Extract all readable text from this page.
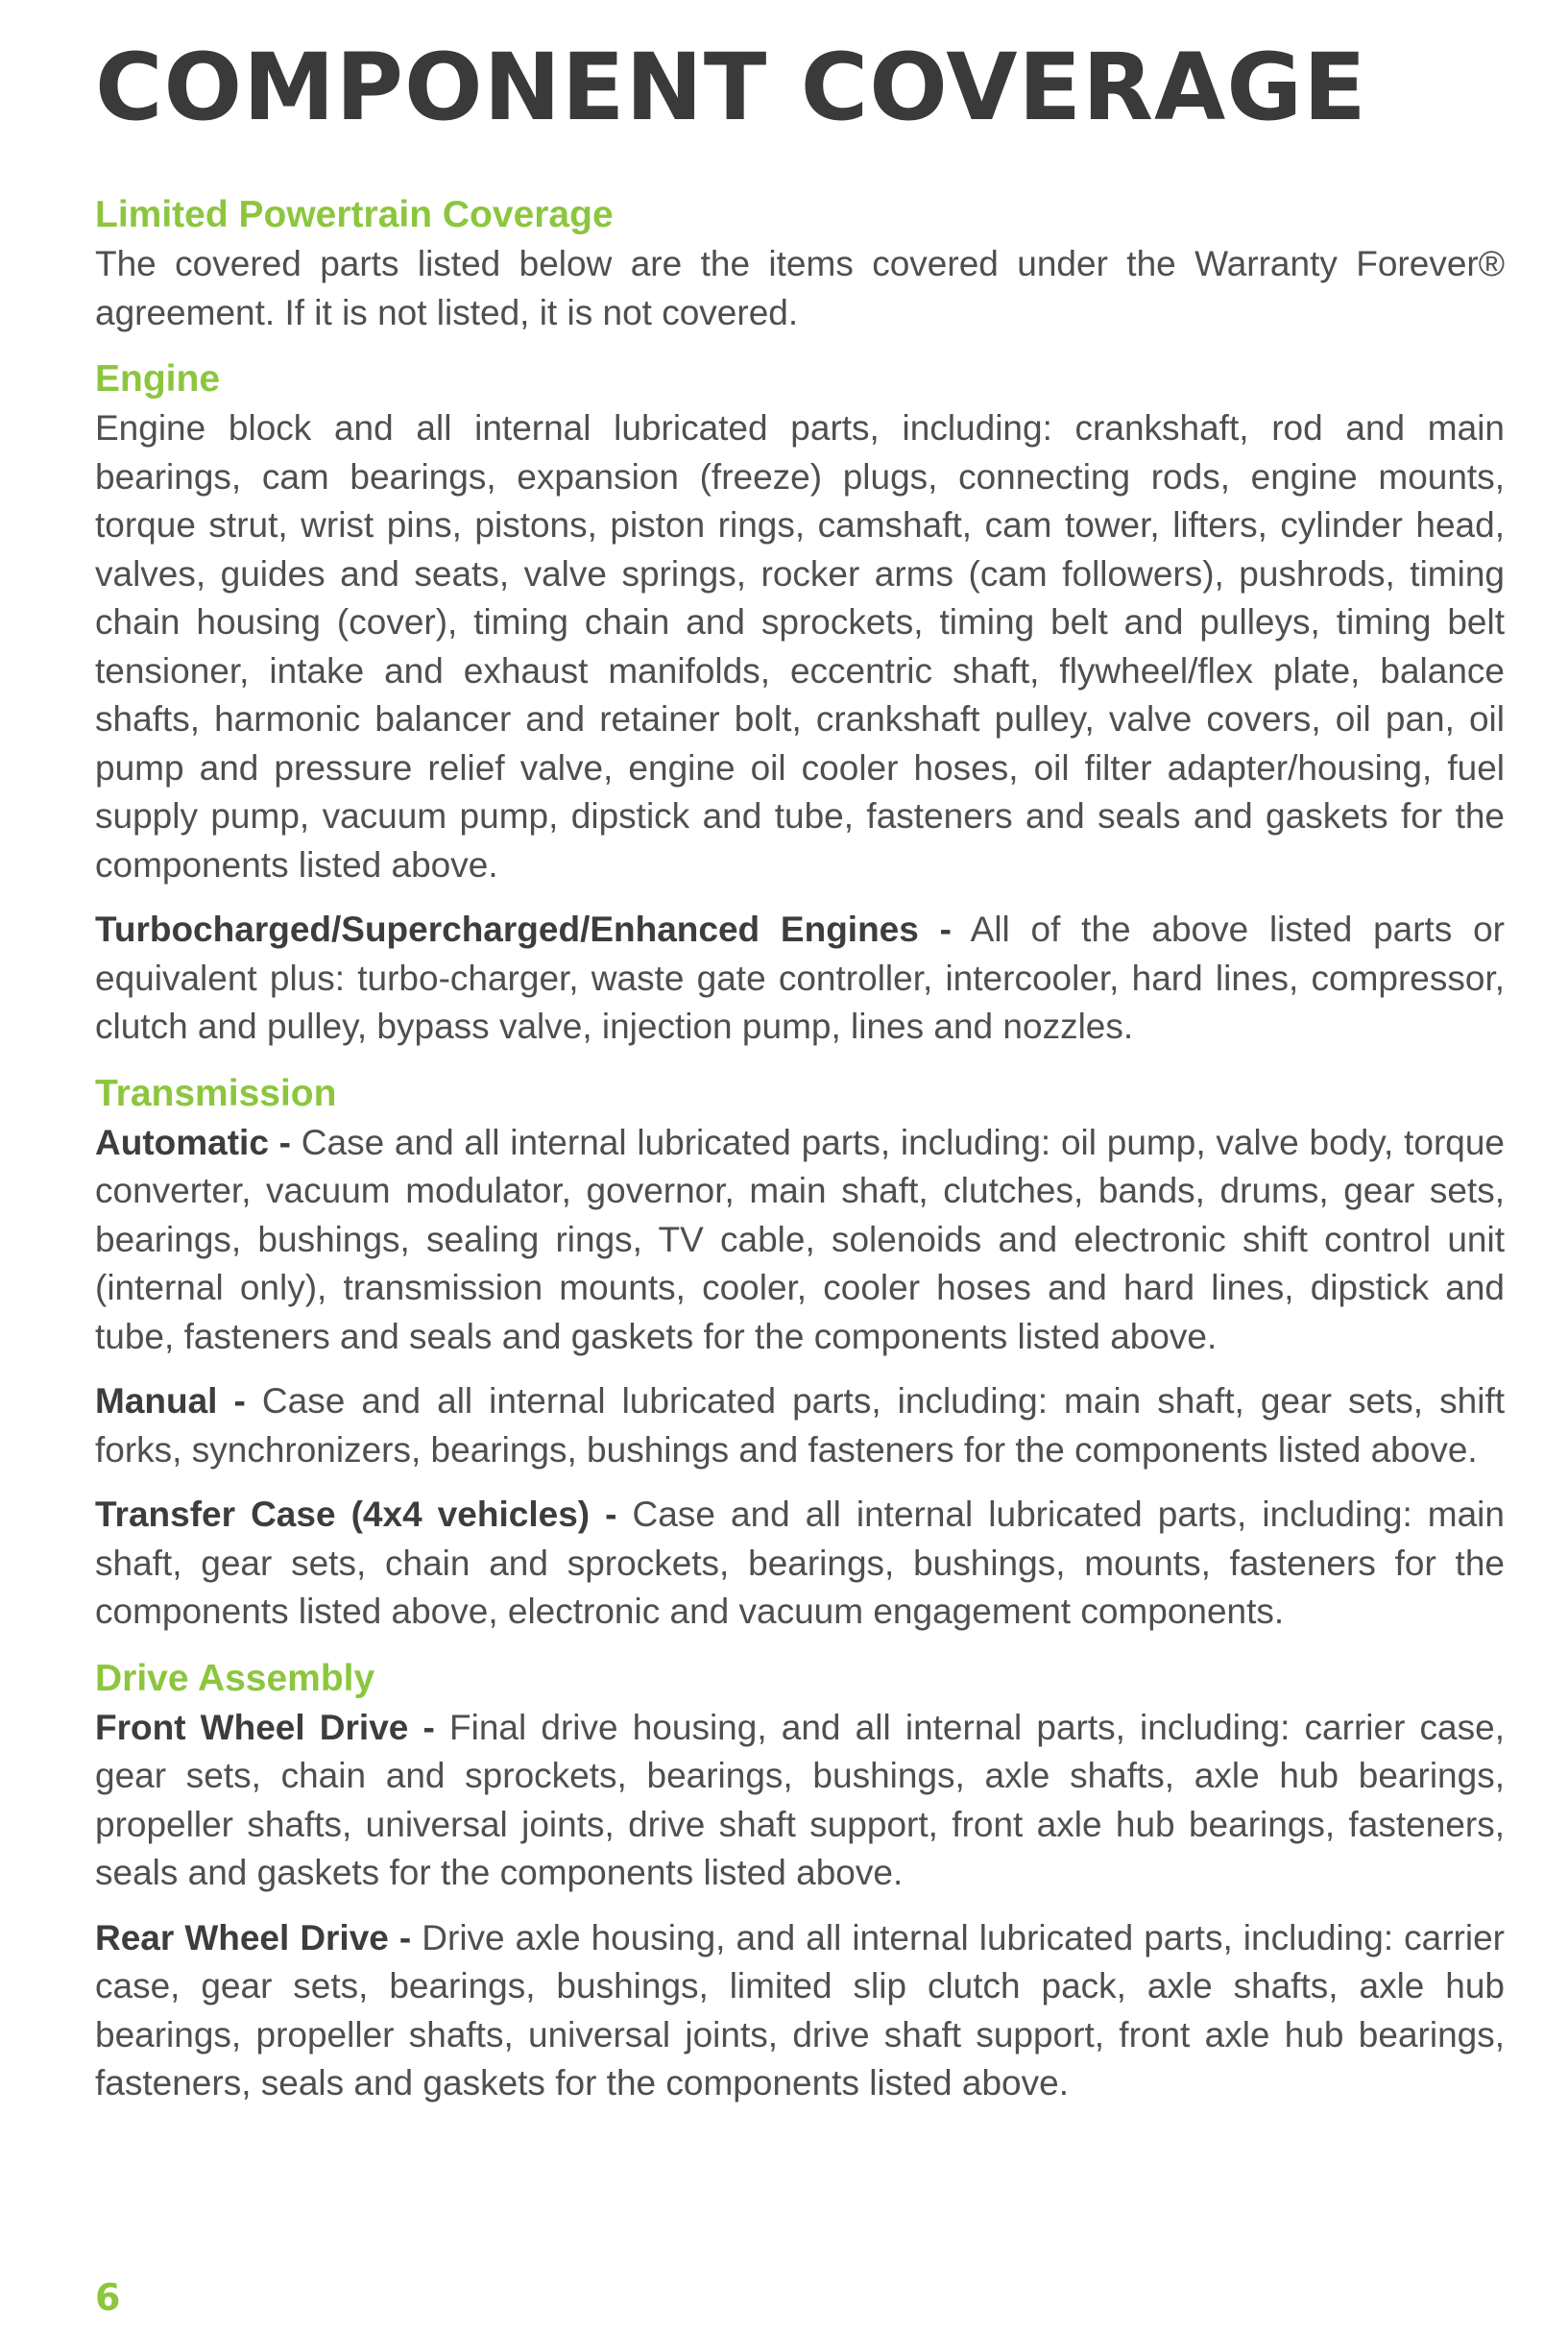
COMPONENT COVERAGE
Limited Powertrain Coverage

The covered parts listed below are the items covered under the Warranty Forever® agreement. If it is not listed, it is not covered.

Engine

Engine block and all internal lubricated parts, including: crankshaft, rod and main bearings, cam bearings, expansion (freeze) plugs, connecting rods, engine mounts, torque strut, wrist pins, pistons, piston rings, camshaft, cam tower, lifters, cylinder head, valves, guides and seats, valve springs, rocker arms (cam followers), pushrods, timing chain housing (cover), timing chain and sprockets, timing belt and pulleys, timing belt tensioner, intake and exhaust manifolds, eccentric shaft, flywheel/flex plate, balance shafts, harmonic balancer and retainer bolt, crankshaft pulley, valve covers, oil pan, oil pump and pressure relief valve, engine oil cooler hoses, oil filter adapter/housing, fuel supply pump, vacuum pump, dipstick and tube, fasteners and seals and gaskets for the components listed above.

Turbocharged/Supercharged/Enhanced Engines - All of the above listed parts or equivalent plus: turbo-charger, waste gate controller, intercooler, hard lines, compressor, clutch and pulley, bypass valve, injection pump, lines and nozzles.

Transmission

Automatic - Case and all internal lubricated parts, including: oil pump, valve body, torque converter, vacuum modulator, governor, main shaft, clutches, bands, drums, gear sets, bearings, bushings, sealing rings, TV cable, solenoids and electronic shift control unit (internal only), transmission mounts, cooler, cooler hoses and hard lines, dipstick and tube, fasteners and seals and gaskets for the components listed above.

Manual - Case and all internal lubricated parts, including: main shaft, gear sets, shift forks, synchronizers, bearings, bushings and fasteners for the components listed above.

Transfer Case (4x4 vehicles) - Case and all internal lubricated parts, including: main shaft, gear sets, chain and sprockets, bearings, bushings, mounts, fasteners for the components listed above, electronic and vacuum engagement components.

Drive Assembly

Front Wheel Drive - Final drive housing, and all internal parts, including: carrier case, gear sets, chain and sprockets, bearings, bushings, axle shafts, axle hub bearings, propeller shafts, universal joints, drive shaft support, front axle hub bearings, fasteners, seals and gaskets for the components listed above.

Rear Wheel Drive - Drive axle housing, and all internal lubricated parts, including: carrier case, gear sets, bearings, bushings, limited slip clutch pack, axle shafts, axle hub bearings, propeller shafts, universal joints, drive shaft support, front axle hub bearings, fasteners, seals and gaskets for the components listed above.

6
